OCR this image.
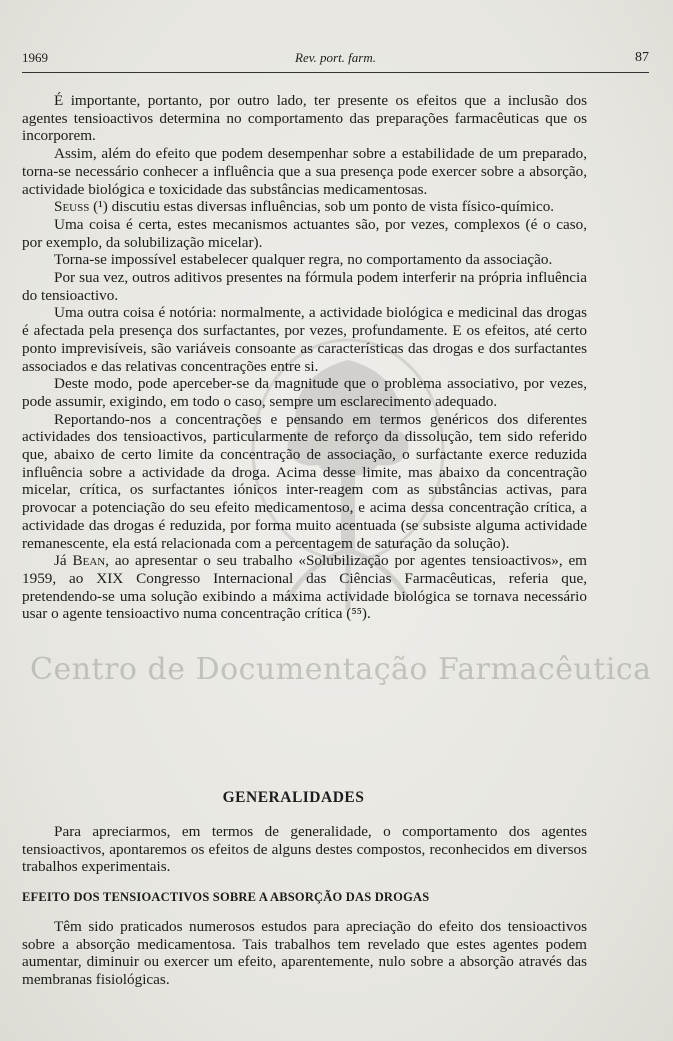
1969	Rev. port. farm.	87
Centro de Documentação Farmacêutica

É importante, portanto, por outro lado, ter presente os efeitos que a inclusão dos agentes tensioactivos determina no comportamento das preparações farmacêuticas que os incorporem.

Assim, além do efeito que podem desempenhar sobre a estabilidade de um preparado, torna-se necessário conhecer a influência que a sua presença pode exercer sobre a absorção, actividade biológica e toxicidade das substâncias medicamentosas.

Seuss (¹) discutiu estas diversas influências, sob um ponto de vista físico-químico.

Uma coisa é certa, estes mecanismos actuantes são, por vezes, complexos (é o caso, por exemplo, da solubilização micelar).

Torna-se impossível estabelecer qualquer regra, no comportamento da associação.

Por sua vez, outros aditivos presentes na fórmula podem interferir na própria influência do tensioactivo.

Uma outra coisa é notória: normalmente, a actividade biológica e medicinal das drogas é afectada pela presença dos surfactantes, por vezes, profundamente. E os efeitos, até certo ponto imprevisíveis, são variáveis consoante as características das drogas e dos surfactantes associados e das relativas concentrações entre si.

Deste modo, pode aperceber-se da magnitude que o problema associativo, por vezes, pode assumir, exigindo, em todo o caso, sempre um esclarecimento adequado.

Reportando-nos a concentrações e pensando em termos genéricos dos diferentes actividades dos tensioactivos, particularmente de reforço da dissolução, tem sido referido que, abaixo de certo limite da concentração de associação, o surfactante exerce reduzida influência sobre a actividade da droga. Acima desse limite, mas abaixo da concentração micelar, crítica, os surfactantes iónicos inter-reagem com as substâncias activas, para provocar a potenciação do seu efeito medicamentoso, e acima dessa concentração crítica, a actividade das drogas é reduzida, por forma muito acentuada (se subsiste alguma actividade remanescente, ela está relacionada com a percentagem de saturação da solução).

Já Bean, ao apresentar o seu trabalho «Solubilização por agentes tensioactivos», em 1959, ao XIX Congresso Internacional das Ciências Farmacêuticas, referia que, pretendendo-se uma solução exibindo a máxima actividade biológica se tornava necessário usar o agente tensioactivo numa concentração crítica (⁵⁵).

GENERALIDADES

Para apreciarmos, em termos de generalidade, o comportamento dos agentes tensioactivos, apontaremos os efeitos de alguns destes compostos, reconhecidos em diversos trabalhos experimentais.

EFEITO DOS TENSIOACTIVOS SOBRE A ABSORÇÃO DAS DROGAS

Têm sido praticados numerosos estudos para apreciação do efeito dos tensioactivos sobre a absorção medicamentosa. Tais trabalhos tem revelado que estes agentes podem aumentar, diminuir ou exercer um efeito, aparentemente, nulo sobre a absorção através das membranas fisiológicas.
